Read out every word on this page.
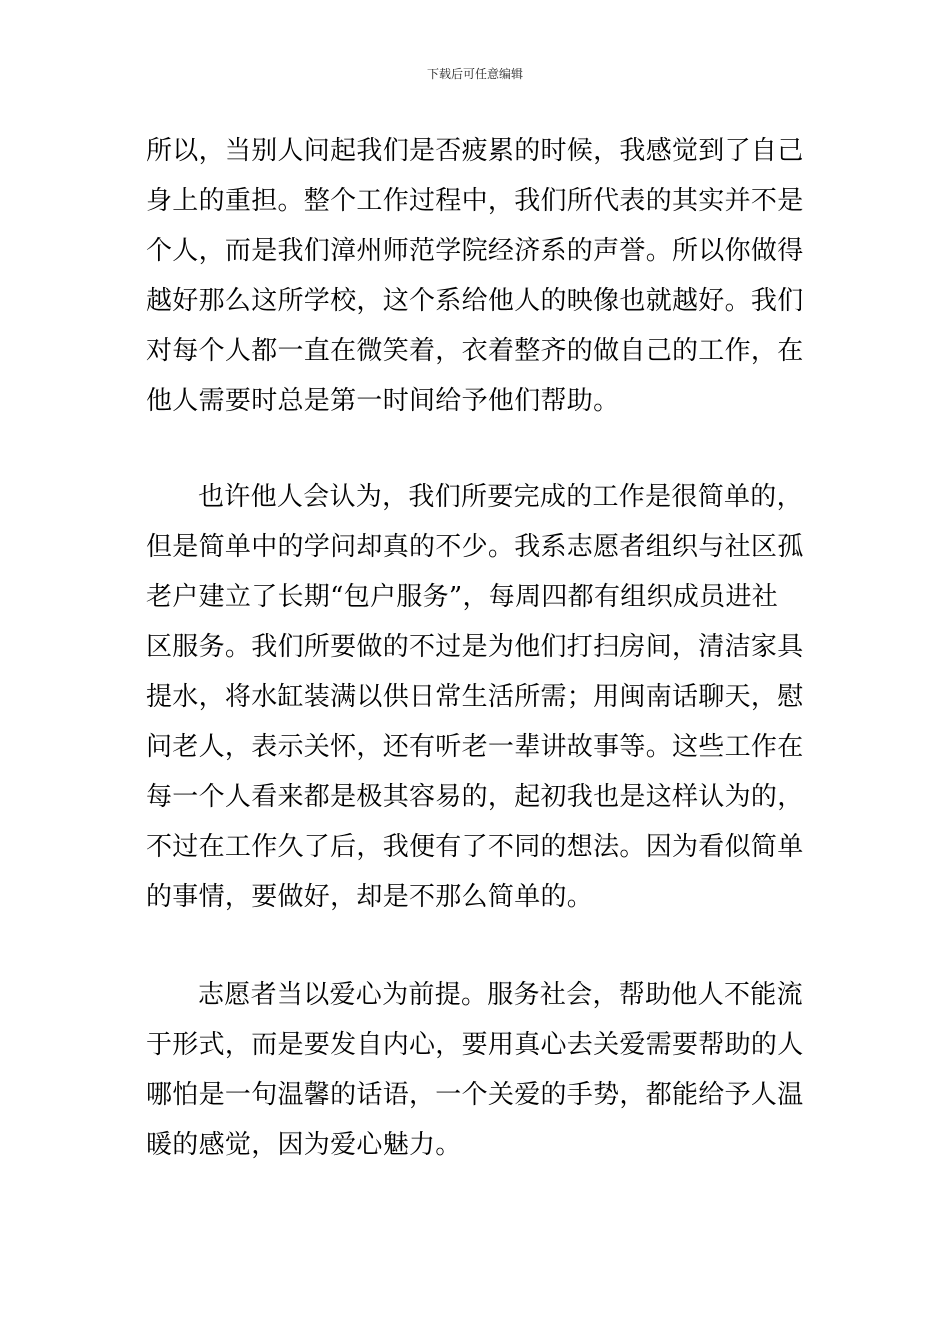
下载后可任意编辑
所以，当别人问起我们是否疲累的时候，我感觉到了自己
身上的重担。整个工作过程中，我们所代表的其实并不是
个人，而是我们漳州师范学院经济系的声誉。所以你做得
越好那么这所学校，这个系给他人的映像也就越好。我们
对每个人都一直在微笑着，衣着整齐的做自己的工作，在
他人需要时总是第一时间给予他们帮助。
也许他人会认为，我们所要完成的工作是很简单的，
但是简单中的学问却真的不少。我系志愿者组织与社区孤
老户建立了长期“包户服务”，每周四都有组织成员进社
区服务。我们所要做的不过是为他们打扫房间，清洁家具
提水，将水缸装满以供日常生活所需；用闽南话聊天，慰
问老人，表示关怀，还有听老一辈讲故事等。这些工作在
每一个人看来都是极其容易的，起初我也是这样认为的，
不过在工作久了后，我便有了不同的想法。因为看似简单
的事情，要做好，却是不那么简单的。
志愿者当以爱心为前提。服务社会，帮助他人不能流
于形式，而是要发自内心，要用真心去关爱需要帮助的人
哪怕是一句温馨的话语，一个关爱的手势，都能给予人温
暖的感觉，因为爱心魅力。
